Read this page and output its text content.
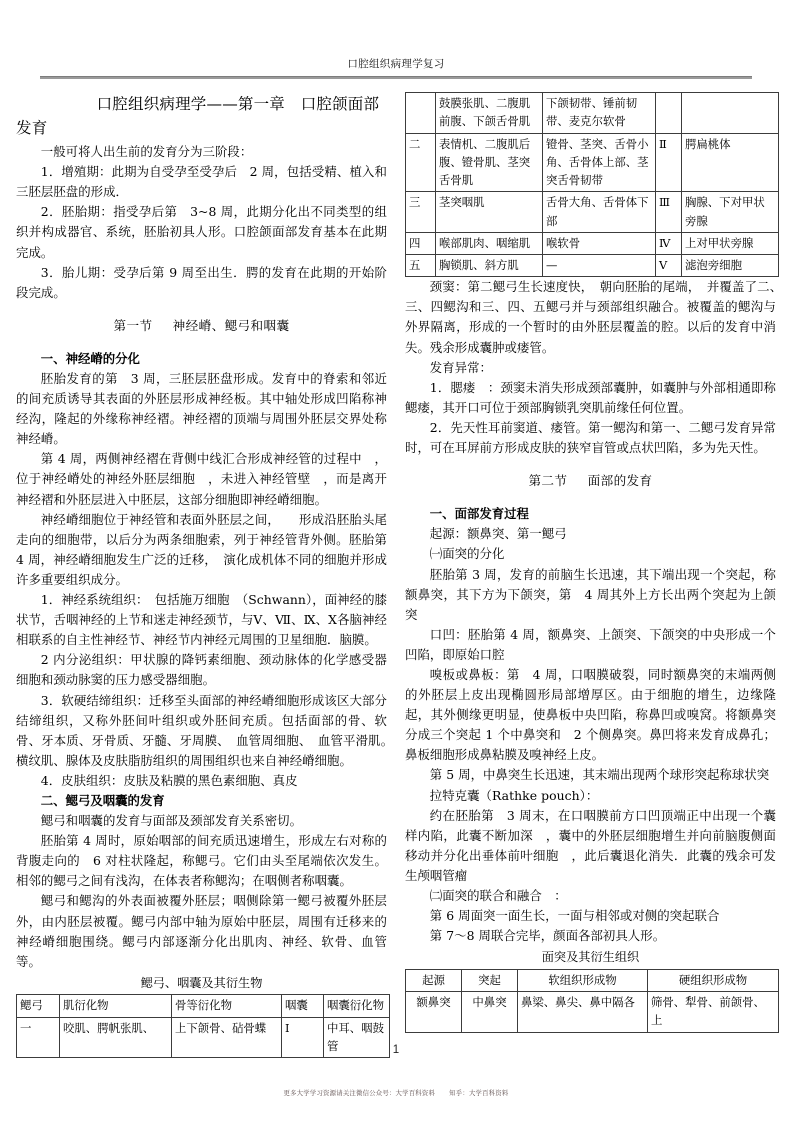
口腔组织病理学复习
口腔组织病理学——第一章　口腔颌面部发育

一般可将人出生前的发育分为三阶段：

1．增殖期：此期为自受孕至受孕后　2 周，包括受精、植入和三胚层胚盘的形成．

2．胚胎期：指受孕后第　3~8 周，此期分化出不同类型的组织并构成器官、系统，胚胎初具人形。口腔颌面部发育基本在此期完成。

3．胎儿期：受孕后第 9 周至出生．腭的发育在此期的开始阶段完成。

第一节 神经嵴、鳃弓和咽囊

一、神经嵴的分化

胚胎发育的第　3 周，三胚层胚盘形成。发育中的脊索和邻近的间充质诱导其表面的外胚层形成神经板。其中轴处形成凹陷称神经沟，隆起的外缘称神经褶。神经褶的顶端与周围外胚层交界处称神经嵴。

第 4 周，两侧神经褶在背侧中线汇合形成神经管的过程中　，位于神经嵴处的神经外胚层细胞　，未进入神经管壁　，而是离开神经褶和外胚层进入中胚层，这部分细胞即神经嵴细胞。

神经嵴细胞位于神经管和表面外胚层之间，　　形成沿胚胎头尾走向的细胞带，以后分为两条细胞索，列于神经管背外侧。胚胎第　　4 周，神经嵴细胞发生广泛的迁移，　演化成机体不同的细胞并形成许多重要组织成分。

1．神经系统组织：　包括施万细胞　（Schwann），面神经的膝状节，舌咽神经的上节和迷走神经颈节，与Ⅴ、Ⅶ、Ⅸ、Ⅹ各脑神经相联系的自主性神经节、神经节内神经元周围的卫星细胞．脑膜。

2 内分泌组织：甲状腺的降钙素细胞、颈动脉体的化学感受器细胞和颈动脉窦的压力感受器细胞。

3．软硬结缔组织：迁移至头面部的神经嵴细胞形成该区大部分结缔组织，又称外胚间叶组织或外胚间充质。包括面部的骨、软骨、牙本质、牙骨质、牙髓、牙周膜、　血管周细胞、　血管平滑肌。　横纹肌、腺体及皮肤脂肪组织的周围组织也来自神经嵴细胞。

4．皮肤组织：皮肤及粘膜的黑色素细胞、真皮

二、鳃弓及咽囊的发育

鳃弓和咽囊的发育与面部及颈部发育关系密切。

胚胎第 4 周时，原始咽部的间充质迅速增生，形成左右对称的背腹走向的　6 对柱状隆起，称鳃弓。它们由头至尾端依次发生。相邻的鳃弓之间有浅沟，在体表者称鳃沟；在咽侧者称咽囊。

鳃弓和鳃沟的外表面被覆外胚层；咽侧除第一鳃弓被覆外胚层外，由内胚层被覆。鳃弓内部中轴为原始中胚层，周围有迁移来的神经嵴细胞围绕。鳃弓内部逐渐分化出肌肉、神经、软骨、血管等。

鳃弓、咽囊及其衍生物
鳃弓	肌衍化物	骨等衍化物	咽囊	咽囊衍化物
一	咬肌、腭帆张肌、	上下颌骨、砧骨蝶	Ⅰ	中耳、咽鼓管
	鼓膜张肌、二腹肌前腹、下颌舌骨肌	下颌韧带、锤前韧带、麦克尔软骨		
二	表情机、二腹肌后腹、镫骨肌、茎突舌骨肌	镫骨、茎突、舌骨小角、舌骨体上部、茎突舌骨韧带	Ⅱ	腭扁桃体
三	茎突咽肌	舌骨大角、舌骨体下部	Ⅲ	胸腺、下对甲状旁腺
四	喉部肌肉、咽缩肌	喉软骨	Ⅳ	上对甲状旁腺
五	胸锁肌、斜方肌	—	Ⅴ	滤泡旁细胞

颈窦：第二鳃弓生长速度快，　朝向胚胎的尾端，　并覆盖了二、　三、四鳃沟和三、四、五鳃弓并与颈部组织融合。被覆盖的鳃沟与外界隔离，形成的一个暂时的由外胚层覆盖的腔。以后的发育中消失。残余形成囊肿或瘘管。

发育异常：

1．腮瘘　：颈窦未消失形成颈部囊肿，如囊肿与外部相通即称鳃瘘，其开口可位于颈部胸锁乳突肌前缘任何位置。

2．先天性耳前窦道、瘘管。第一鳃沟和第一、二鳃弓发育异常时，可在耳屏前方形成皮肤的狭窄盲管或点状凹陷，多为先天性。

第二节 面部的发育

一、面部发育过程

起源：额鼻突、第一鳃弓

㈠面突的分化

胚胎第 3 周，发育的前脑生长迅速，其下端出现一个突起，称额鼻突，其下方为下颌突，第　4 周其外上方长出两个突起为上颌突

口凹：胚胎第 4 周，额鼻突、上颌突、下颌突的中央形成一个凹陷，即原始口腔

嗅板或鼻板：第　4 周，口咽膜破裂，同时额鼻突的末端两侧的外胚层上皮出现椭圆形局部增厚区。由于细胞的增生，边缘隆起，其外侧缘更明显，使鼻板中央凹陷，称鼻凹或嗅窝。将额鼻突分成三个突起 1 个中鼻突和　2 个侧鼻突。鼻凹将来发育成鼻孔；鼻板细胞形成鼻粘膜及嗅神经上皮。

第 5 周，中鼻突生长迅速，其末端出现两个球形突起称球状突

拉特克囊（Rathke pouch）：

约在胚胎第　3 周末，在口咽膜前方口凹顶端正中出现一个囊样内陷，此囊不断加深　，囊中的外胚层细胞增生并向前脑腹侧面移动并分化出垂体前叶细胞　，此后囊退化消失．此囊的残余可发生颅咽管瘤

㈡面突的联合和融合　：

第 6 周面突一面生长，一面与相邻或对侧的突起联合

第 7～8 周联合完毕，颜面各部初具人形。

面突及其衍生组织
起源	突起	软组织形成物	硬组织形成物
额鼻突	中鼻突	鼻梁、鼻尖、鼻中隔各	筛骨、犁骨、前颌骨、上
1
更多大学学习资源请关注微信公众号：大学百科资料 知乎：大学百科资料
